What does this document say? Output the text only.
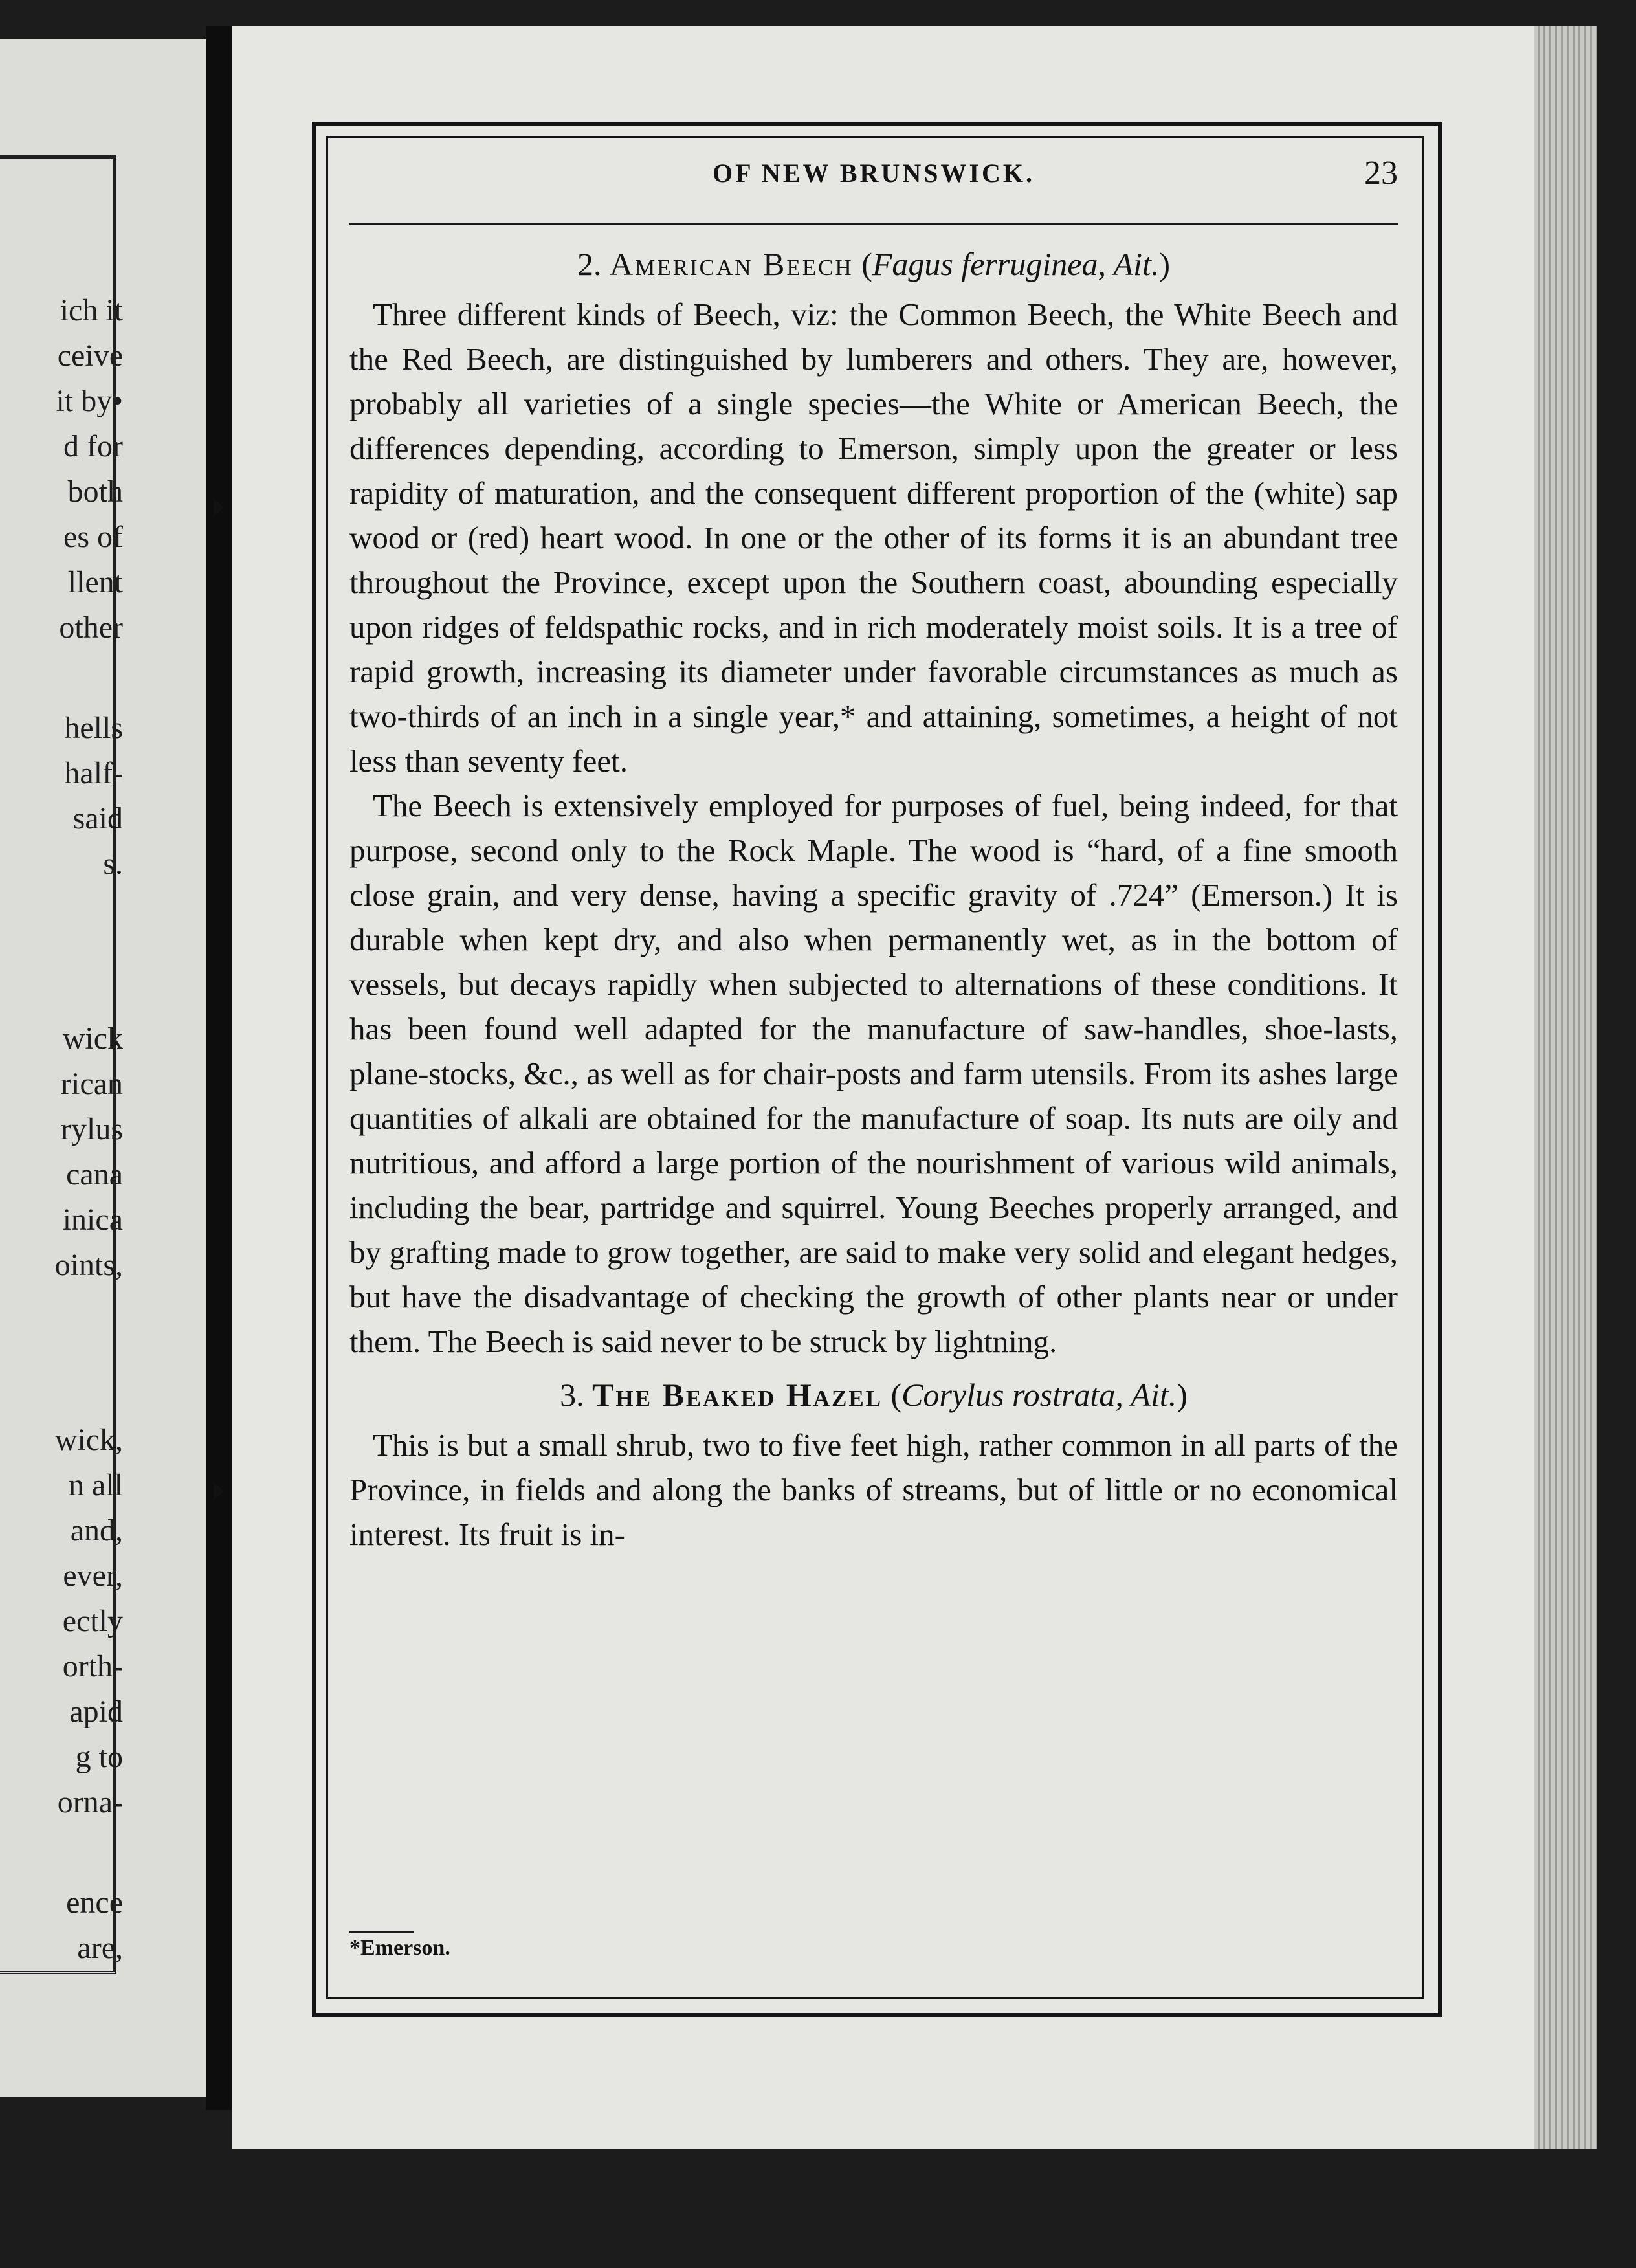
ich it
ceive
it by•
d for
both
es of
llent
other
hells
half-
said
s.
wick
rican
rylus
cana
inica
oints,
wick,
n all
and,
ever,
ectly
orth-
apid
g to
orna-
ence
are,
OF NEW BRUNSWICK.	23
2. American Beech (Fagus ferruginea, Ait.)

Three different kinds of Beech, viz: the Common Beech, the White Beech and the Red Beech, are distinguished by lumberers and others. They are, however, probably all varieties of a single species—the White or American Beech, the differences depending, according to Emerson, simply upon the greater or less rapidity of maturation, and the consequent different proportion of the (white) sap wood or (red) heart wood. In one or the other of its forms it is an abundant tree throughout the Province, except upon the Southern coast, abounding especially upon ridges of feldspathic rocks, and in rich moderately moist soils. It is a tree of rapid growth, increasing its diameter under favorable circumstances as much as two-thirds of an inch in a single year,* and attaining, sometimes, a height of not less than seventy feet.

The Beech is extensively employed for purposes of fuel, being indeed, for that purpose, second only to the Rock Maple. The wood is “hard, of a fine smooth close grain, and very dense, having a specific gravity of .724” (Emerson.) It is durable when kept dry, and also when permanently wet, as in the bottom of vessels, but decays rapidly when subjected to alternations of these conditions. It has been found well adapted for the manufacture of saw-handles, shoe-lasts, plane-stocks, &c., as well as for chair-posts and farm utensils. From its ashes large quantities of alkali are obtained for the manufacture of soap. Its nuts are oily and nutritious, and afford a large portion of the nourishment of various wild animals, including the bear, partridge and squirrel. Young Beeches properly arranged, and by grafting made to grow together, are said to make very solid and elegant hedges, but have the disadvantage of checking the growth of other plants near or under them. The Beech is said never to be struck by lightning.

3. The Beaked Hazel (Corylus rostrata, Ait.)

This is but a small shrub, two to five feet high, rather common in all parts of the Province, in fields and along the banks of streams, but of little or no economical interest. Its fruit is in-

*Emerson.
